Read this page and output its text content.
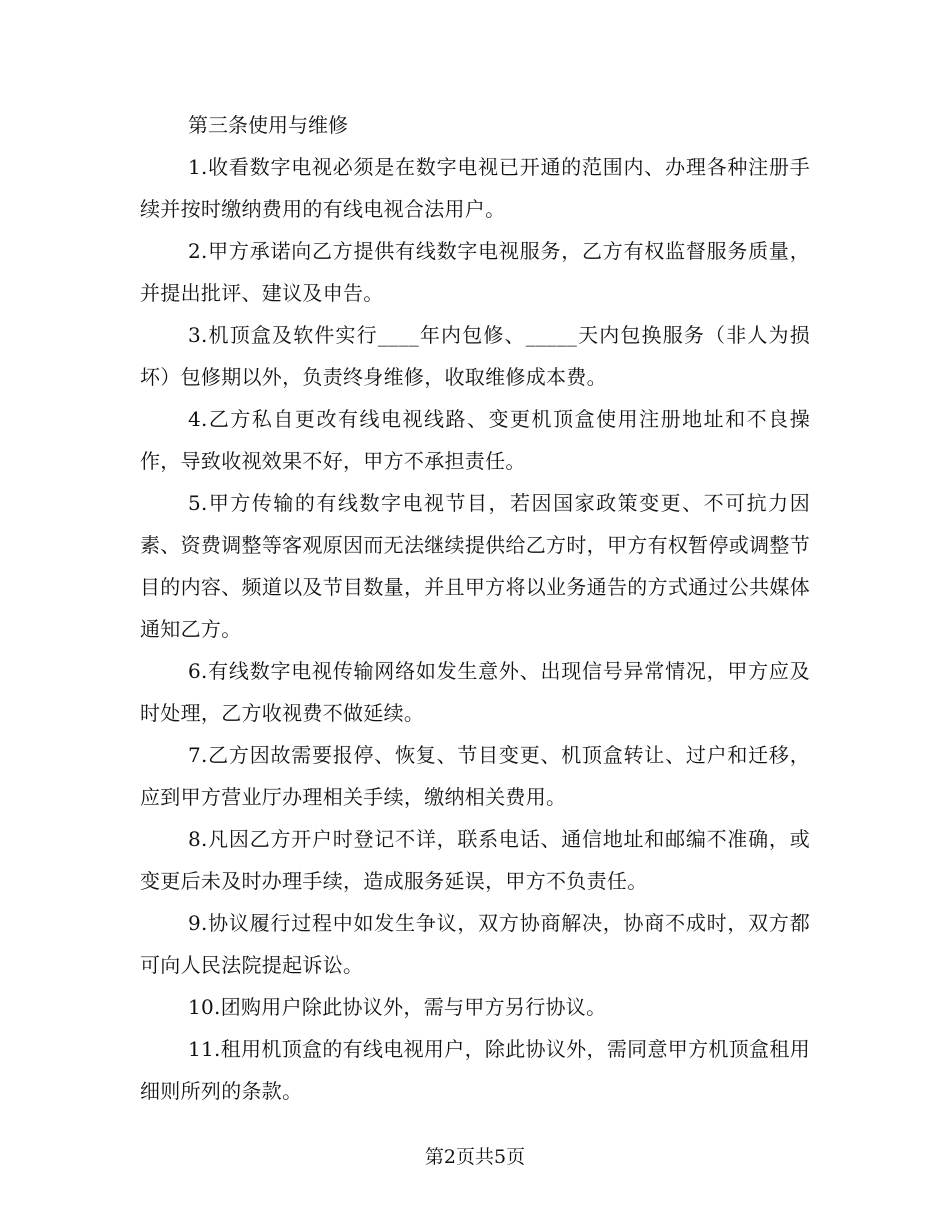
第三条使用与维修

1.收看数字电视必须是在数字电视已开通的范围内、办理各种注册手续并按时缴纳费用的有线电视合法用户。

2.甲方承诺向乙方提供有线数字电视服务，乙方有权监督服务质量，并提出批评、建议及申告。

3.机顶盒及软件实行____年内包修、_____天内包换服务（非人为损坏）包修期以外，负责终身维修，收取维修成本费。

4.乙方私自更改有线电视线路、变更机顶盒使用注册地址和不良操作，导致收视效果不好，甲方不承担责任。

5.甲方传输的有线数字电视节目，若因国家政策变更、不可抗力因素、资费调整等客观原因而无法继续提供给乙方时，甲方有权暂停或调整节目的内容、频道以及节目数量，并且甲方将以业务通告的方式通过公共媒体通知乙方。

6.有线数字电视传输网络如发生意外、出现信号异常情况，甲方应及时处理，乙方收视费不做延续。

7.乙方因故需要报停、恢复、节目变更、机顶盒转让、过户和迁移，应到甲方营业厅办理相关手续，缴纳相关费用。

8.凡因乙方开户时登记不详，联系电话、通信地址和邮编不准确，或变更后未及时办理手续，造成服务延误，甲方不负责任。

9.协议履行过程中如发生争议，双方协商解决，协商不成时，双方都可向人民法院提起诉讼。

10.团购用户除此协议外，需与甲方另行协议。

11.租用机顶盒的有线电视用户，除此协议外，需同意甲方机顶盒租用细则所列的条款。

第2页共5页
